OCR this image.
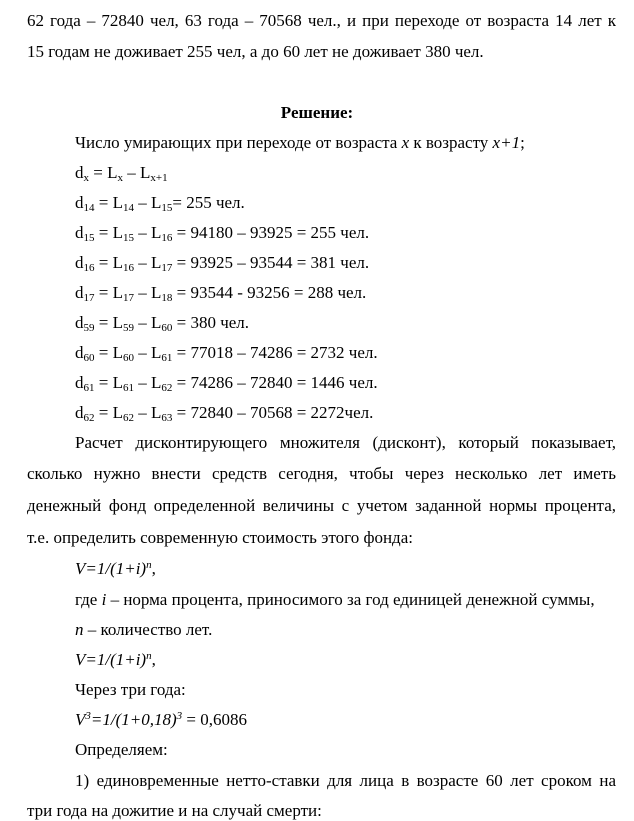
62 года – 72840 чел, 63 года – 70568 чел., и при переходе от возраста 14 лет к
15 годам не доживает 255 чел, а до 60 лет не доживает 380 чел.
Решение:
Число умирающих при переходе от возраста x к возрасту x+1;
$d_x = L_x - L_{x+1}$
$d_{14} = L_{14} - L_{15}= 255$ чел.
$d_{15} = L_{15} - L_{16} = 94180 - 93925 = 255$ чел.
$d_{16} = L_{16} - L_{17} = 93925 - 93544 = 381$ чел.
$d_{17} = L_{17} - L_{18} = 93544 - 93256 = 288$ чел.
$d_{59} = L_{59} - L_{60} = 380$ чел.
$d_{60} = L_{60} - L_{61} = 77018 - 74286 = 2732$ чел.
$d_{61} = L_{61} - L_{62} = 74286 - 72840 = 1446$ чел.
$d_{62} = L_{62} - L_{63} = 72840 - 70568 = 2272чел$.
Расчет дисконтирующего множителя (дисконт), который показывает,
сколько нужно внести средств сегодня, чтобы через несколько лет иметь
денежный фонд определенной величины с учетом заданной нормы процента,
т.е. определить современную стоимость этого фонда:
$V=1/(1+i)^n$,
где i – норма процента, приносимого за год единицей денежной суммы,
n – количество лет.
$V=1/(1+i)^n$,
Через три года:
$V^3=1/(1+0,18)^3 = 0,6086$
Определяем:
1) единовременные нетто-ставки для лица в возрасте 60 лет сроком на
три года на дожитие и на случай смерти:
